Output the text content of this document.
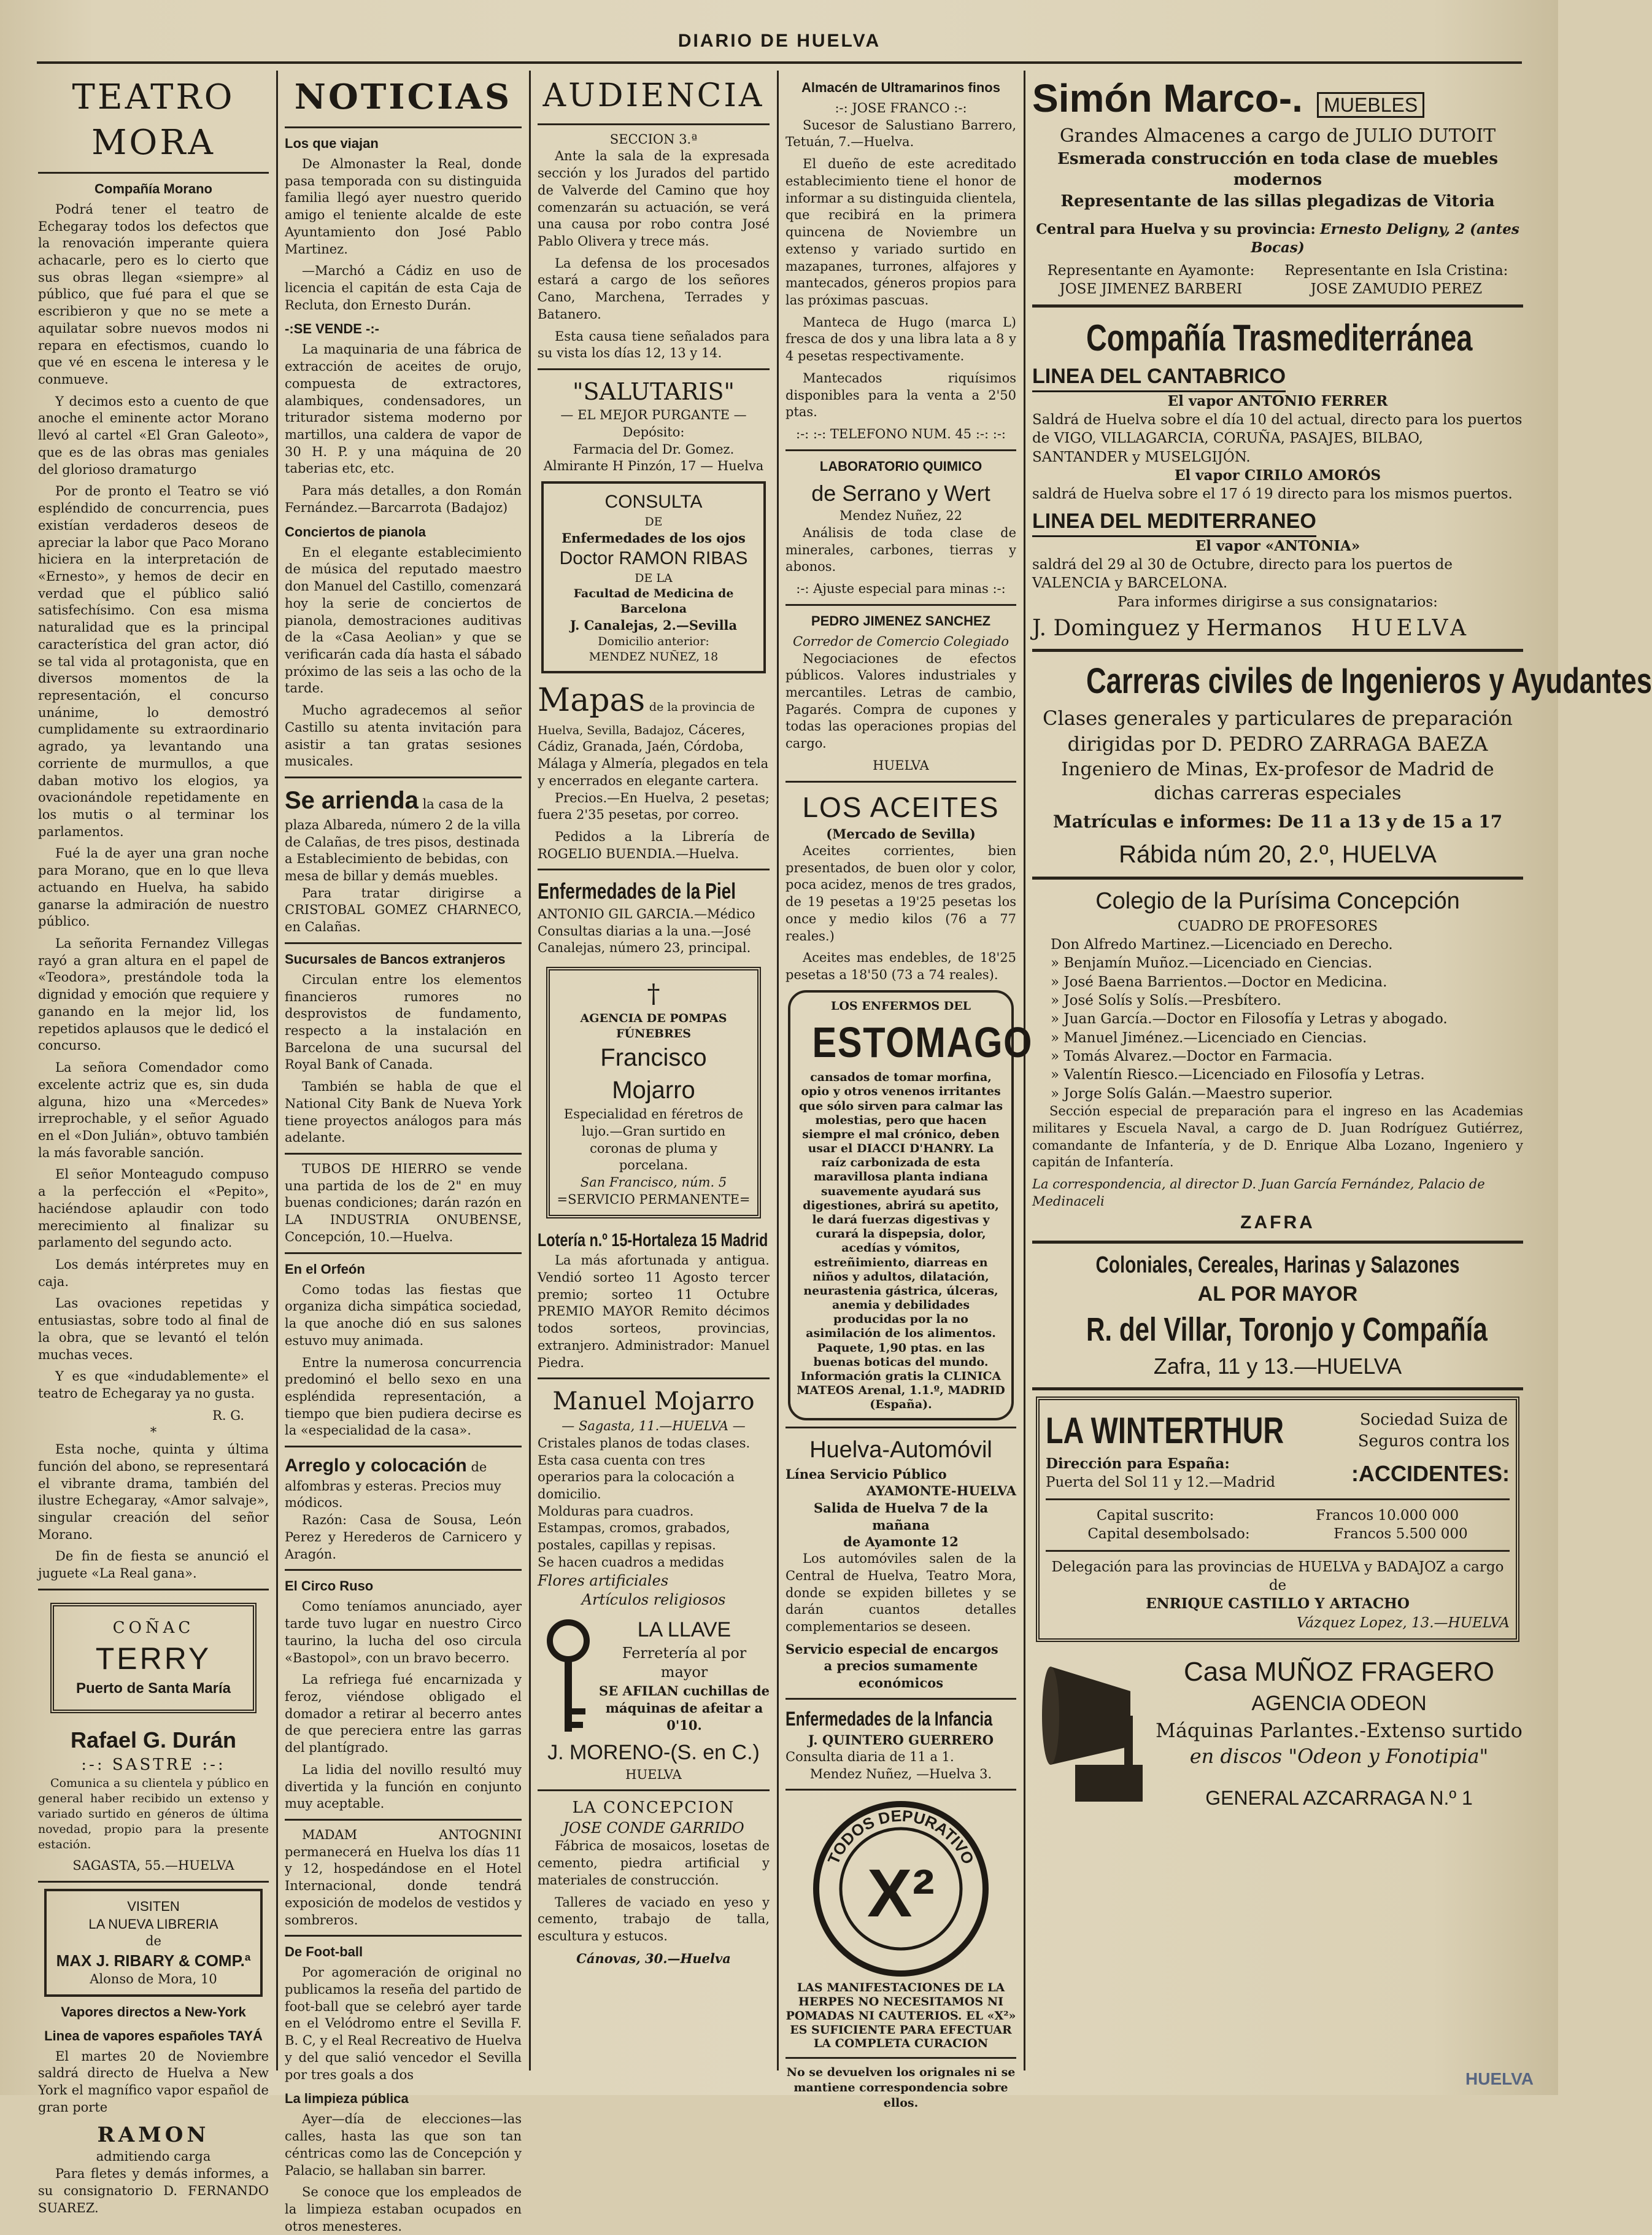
DIARIO DE HUELVA
TEATRO MORA
Compañía Morano

Podrá tener el teatro de Echegaray todos los defectos que la renovación imperante quiera achacarle, pero es lo cierto que sus obras llegan «siempre» al público, que fué para el que se escribieron y que no se mete a aquilatar sobre nuevos modos ni repara en efectismos, cuando lo que vé en escena le interesa y le conmueve.

Y decimos esto a cuento de que anoche el eminente actor Morano llevó al cartel «El Gran Galeoto», que es de las obras mas geniales del glorioso dramaturgo

Por de pronto el Teatro se vió espléndido de concurrencia, pues existían verdaderos deseos de apreciar la labor que Paco Morano hiciera en la interpretación de «Ernesto», y hemos de decir en verdad que el público salió satisfechísimo. Con esa misma naturalidad que es la principal característica del gran actor, dió se tal vida al protagonista, que en diversos momentos de la representación, el concurso unánime, lo demostró cumplidamente su extraordinario agrado, ya levantando una corriente de murmullos, a que daban motivo los elogios, ya ovacionándole repetidamente en los mutis o al terminar los parlamentos.

Fué la de ayer una gran noche para Morano, que en lo que lleva actuando en Huelva, ha sabido ganarse la admiración de nuestro público.

La señorita Fernandez Villegas rayó a gran altura en el papel de «Teodora», prestándole toda la dignidad y emoción que requiere y ganando en la mejor lid, los repetidos aplausos que le dedicó el concurso.

La señora Comendador como excelente actriz que es, sin duda alguna, hizo una «Mercedes» irreprochable, y el señor Aguado en el «Don Julián», obtuvo también la más favorable sanción.

El señor Monteagudo compuso a la perfección el «Pepito», haciéndose aplaudir con todo merecimiento al finalizar su parlamento del segundo acto.

Los demás intérpretes muy en caja.

Las ovaciones repetidas y entusiastas, sobre todo al final de la obra, que se levantó el telón muchas veces.

Y es que «indudablemente» el teatro de Echegaray ya no gusta.

R. G.
*

Esta noche, quinta y última función del abono, se representará el vibrante drama, también del ilustre Echegaray, «Amor salvaje», singular creación del señor Morano.

De fin de fiesta se anunció el juguete «La Real gana».

COÑAC
TERRY
Puerto de Santa María
Rafael G. Durán
:-: SASTRE :-:

Comunica a su clientela y público en general haber recibido un extenso y variado surtido en géneros de última novedad, propio para la presente estación.

SAGASTA, 55.—HUELVA
VISITEN
LA NUEVA LIBRERIA
de
MAX J. RIBARY & COMP.ª
Alonso de Mora, 10
Vapores directos a New-York
Linea de vapores españoles TAYÁ

El martes 20 de Noviembre saldrá directo de Huelva a New York el magnífico vapor español de gran porte

RAMON
admitiendo carga

Para fletes y demás informes, a su consignatorio D. FERNANDO SUAREZ.

NOTICIAS
Los que viajan

De Almonaster la Real, donde pasa temporada con su distinguida familia llegó ayer nuestro querido amigo el teniente alcalde de este Ayuntamiento don José Pablo Martinez.

—Marchó a Cádiz en uso de licencia el capitán de esta Caja de Recluta, don Ernesto Durán.

-:SE VENDE -:-

La maquinaria de una fábrica de extracción de aceites de orujo, compuesta de extractores, alambiques, condensadores, un triturador sistema moderno por martillos, una caldera de vapor de 30 H. P. y una máquina de 20 taberias etc, etc.

Para más detalles, a don Román Fernández.—Barcarrota (Badajoz)

Conciertos de pianola

En el elegante establecimiento de música del reputado maestro don Manuel del Castillo, comenzará hoy la serie de conciertos de pianola, demostraciones auditivas de la «Casa Aeolian» y que se verificarán cada día hasta el sábado próximo de las seis a las ocho de la tarde.

Mucho agradecemos al señor Castillo su atenta invitación para asistir a tan gratas sesiones musicales.

Se arrienda la casa de la plaza Albareda, número 2 de la villa de Calañas, de tres pisos, destinada a Establecimiento de bebidas, con mesa de billar y demás muebles.

Para tratar dirigirse a CRISTOBAL GOMEZ CHARNECO, en Calañas.

Sucursales de Bancos extranjeros

Circulan entre los elementos financieros rumores no desprovistos de fundamento, respecto a la instalación en Barcelona de una sucursal del Royal Bank of Canada.

También se habla de que el National City Bank de Nueva York tiene proyectos análogos para más adelante.

TUBOS DE HIERRO se vende una partida de los de 2" en muy buenas condiciones; darán razón en LA INDUSTRIA ONUBENSE, Concepción, 10.—Huelva.

En el Orfeón

Como todas las fiestas que organiza dicha simpática sociedad, la que anoche dió en sus salones estuvo muy animada.

Entre la numerosa concurrencia predominó el bello sexo en una espléndida representación, a tiempo que bien pudiera decirse es la «especialidad de la casa».

Arreglo y colocación de alfombras y esteras. Precios muy módicos.

Razón: Casa de Sousa, León Perez y Herederos de Carnicero y Aragón.

El Circo Ruso

Como teníamos anunciado, ayer tarde tuvo lugar en nuestro Circo taurino, la lucha del oso circula «Bastopol», con un bravo becerro.

La refriega fué encarnizada y feroz, viéndose obligado el domador a retirar al becerro antes de que pereciera entre las garras del plantígrado.

La lidia del novillo resultó muy divertida y la función en conjunto muy aceptable.

MADAM ANTOGNINI permanecerá en Huelva los días 11 y 12, hospedándose en el Hotel Internacional, donde tendrá exposición de modelos de vestidos y sombreros.

De Foot-ball

Por agomeración de original no publicamos la reseña del partido de foot-ball que se celebró ayer tarde en el Velódromo entre el Sevilla F. B. C, y el Real Recreativo de Huelva y del que salió vencedor el Sevilla por tres goals a dos

La limpieza pública

Ayer—día de elecciones—las calles, hasta las que son tan céntricas como las de Concepción y Palacio, se hallaban sin barrer.

Se conoce que los empleados de la limpieza estaban ocupados en otros menesteres.

AUDIENCIA
SECCION 3.ª

Ante la sala de la expresada sección y los Jurados del partido de Valverde del Camino que hoy comenzarán su actuación, se verá una causa por robo contra José Pablo Olivera y trece más.

La defensa de los procesados estará a cargo de los señores Cano, Marchena, Terrades y Batanero.

Esta causa tiene señalados para su vista los días 12, 13 y 14.

"SALUTARIS"
— EL MEJOR PURGANTE —
Depósito:
Farmacia del Dr. Gomez.
Almirante H Pinzón, 17 — Huelva
CONSULTA
DE
Enfermedades de los ojos
Doctor RAMON RIBAS
DE LA
Facultad de Medicina de Barcelona
J. Canalejas, 2.—Sevilla
Domicilio anterior:
MENDEZ NUÑEZ, 18
Mapas de la provincia de Huelva, Sevilla, Badajoz, Cáceres, Cádiz, Granada, Jaén, Córdoba, Málaga y Almería, plegados en tela y encerrados en elegante cartera.

Precios.—En Huelva, 2 pesetas; fuera 2'35 pesetas, por correo.

Pedidos a la Librería de ROGELIO BUENDIA.—Huelva.

Enfermedades de la Piel
ANTONIO GIL GARCIA.—Médico
Consultas diarias a la una.—José Canalejas, número 23, principal.
†
AGENCIA DE POMPAS FÚNEBRES
Francisco Mojarro
Especialidad en féretros de lujo.—Gran surtido en coronas de pluma y porcelana.
San Francisco, núm. 5
=SERVICIO PERMANENTE=
Lotería n.º 15-Hortaleza 15 Madrid

La más afortunada y antigua. Vendió sorteo 11 Agosto tercer premio; sorteo 11 Octubre PREMIO MAYOR Remito décimos todos sorteos, provincias, extranjero. Administrador: Manuel Piedra.

Manuel Mojarro
— Sagasta, 11.—HUELVA —
Cristales planos de todas clases.
Esta casa cuenta con tres operarios para la colocación a domicilio.
Molduras para cuadros.
Estampas, cromos, grabados, postales, capillas y repisas.
Se hacen cuadros a medidas
Flores artificiales
Artículos religiosos
LA LLAVE
Ferretería al por mayor
SE AFILAN cuchillas de máquinas de afeitar a 0'10.
J. MORENO-(S. en C.)
HUELVA
LA CONCEPCION
JOSE CONDE GARRIDO

Fábrica de mosaicos, losetas de cemento, piedra artificial y materiales de construcción.

Talleres de vaciado en yeso y cemento, trabajo de talla, escultura y estucos.

Cánovas, 30.—Huelva
Almacén de Ultramarinos finos
:-: JOSE FRANCO :-:

Sucesor de Salustiano Barrero, Tetuán, 7.—Huelva.

El dueño de este acreditado establecimiento tiene el honor de informar a su distinguida clientela, que recibirá en la primera quincena de Noviembre un extenso y variado surtido en mazapanes, turrones, alfajores y mantecados, géneros propios para las próximas pascuas.

Manteca de Hugo (marca L) fresca de dos y una libra lata a 8 y 4 pesetas respectivamente.

Mantecados riquísimos disponibles para la venta a 2'50 ptas.

:-: :-: TELEFONO NUM. 45 :-: :-:
LABORATORIO QUIMICO
de Serrano y Wert
Mendez Nuñez, 22

Análisis de toda clase de minerales, carbones, tierras y abonos.

:-: Ajuste especial para minas :-:
PEDRO JIMENEZ SANCHEZ
Corredor de Comercio Colegiado

Negociaciones de efectos públicos. Valores industriales y mercantiles. Letras de cambio, Pagarés. Compra de cupones y todas las operaciones propias del cargo.

HUELVA
LOS ACEITES
(Mercado de Sevilla)

Aceites corrientes, bien presentados, de buen olor y color, poca acidez, menos de tres grados, de 19 pesetas a 19'25 pesetas los once y medio kilos (76 a 77 reales.)

Aceites mas endebles, de 18'25 pesetas a 18'50 (73 a 74 reales).

LOS ENFERMOS DEL
ESTOMAGO
cansados de tomar morfina, opio y otros venenos irritantes que sólo sirven para calmar las molestias, pero que hacen siempre el mal crónico, deben usar el DIACCI D'HANRY. La raíz carbonizada de esta maravillosa planta indiana suavemente ayudará sus digestiones, abrirá su apetito, le dará fuerzas digestivas y curará la dispepsia, dolor, acedías y vómitos, estreñimiento, diarreas en niños y adultos, dilatación, neurastenia gástrica, úlceras, anemia y debilidades producidas por la no asimilación de los alimentos. Paquete, 1,90 ptas. en las buenas boticas del mundo. Información gratis la CLINICA MATEOS Arenal, 1.1.º, MADRID (España).
Huelva-Automóvil
Línea Servicio Público
AYAMONTE-HUELVA
Salida de Huelva 7 de la mañana
de Ayamonte 12

Los automóviles salen de la Central de Huelva, Teatro Mora, donde se expiden billetes y se darán cuantos detalles complementarios se deseen.

Servicio especial de encargos
a precios sumamente económicos
Enfermedades de la Infancia
J. QUINTERO GUERRERO
Consulta diaria de 11 a 1.
Mendez Nuñez, —Huelva 3.
TODOS DEPURATIVO
X²
LAS MANIFESTACIONES DE LA HERPES NO NECESITAMOS NI POMADAS NI CAUTERIOS. EL «X²» ES SUFICIENTE PARA EFECTUAR LA COMPLETA CURACION
No se devuelven los orignales ni se mantiene correspondencia sobre ellos.
Simón Marco-. MUEBLES
Grandes Almacenes a cargo de JULIO DUTOIT
Esmerada construcción en toda clase de muebles modernos
Representante de las sillas plegadizas de Vitoria
Central para Huelva y su provincia: Ernesto Deligny, 2 (antes Bocas)
Representante en Ayamonte:
JOSE JIMENEZ BARBERI
Representante en Isla Cristina:
JOSE ZAMUDIO PEREZ
Compañía Trasmediterránea
LINEA DEL CANTABRICO
El vapor ANTONIO FERRER
Saldrá de Huelva sobre el día 10 del actual, directo para los puertos de VIGO, VILLAGARCIA, CORUÑA, PASAJES, BILBAO, SANTANDER y MUSELGIJÓN.
El vapor CIRILO AMORÓS
saldrá de Huelva sobre el 17 ó 19 directo para los mismos puertos.
LINEA DEL MEDITERRANEO
El vapor «ANTONIA»
saldrá del 29 al 30 de Octubre, directo para los puertos de VALENCIA y BARCELONA.
Para informes dirigirse a sus consignatarios:
J. Dominguez y Hermanos HUELVA
Carreras civiles de Ingenieros y Ayudantes
Clases generales y particulares de preparación dirigidas por D. PEDRO ZARRAGA BAEZA
Ingeniero de Minas, Ex-profesor de Madrid de dichas carreras especiales
Matrículas e informes: De 11 a 13 y de 15 a 17
Rábida núm 20, 2.º, HUELVA
Colegio de la Purísima Concepción
CUADRO DE PROFESORES
Don Alfredo Martinez.—Licenciado en Derecho.
» Benjamín Muñoz.—Licenciado en Ciencias.
» José Baena Barrientos.—Doctor en Medicina.
» José Solís y Solís.—Presbítero.
» Juan García.—Doctor en Filosofía y Letras y abogado.
» Manuel Jiménez.—Licenciado en Ciencias.
» Tomás Alvarez.—Doctor en Farmacia.
» Valentín Riesco.—Licenciado en Filosofía y Letras.
» Jorge Solís Galán.—Maestro superior.

Sección especial de preparación para el ingreso en las Academias militares y Escuela Naval, a cargo de D. Juan Rodríguez Gutiérrez, comandante de Infantería, y de D. Enrique Alba Lozano, Ingeniero y capitán de Infantería.

La correspondencia, al director D. Juan García Fernández, Palacio de Medinaceli
ZAFRA
Coloniales, Cereales, Harinas y Salazones
AL POR MAYOR
R. del Villar, Toronjo y Compañía
Zafra, 11 y 13.—HUELVA
LA WINTERTHUR	Sociedad Suiza de
Seguros contra los
Dirección para España:
Puerta del Sol 11 y 12.—Madrid	:ACCIDENTES:
Capital suscrito:	Francos 10.000 000
Capital desembolsado:	Francos 5.500 000
Delegación para las provincias de HUELVA y BADAJOZ a cargo de
ENRIQUE CASTILLO Y ARTACHO
Vázquez Lopez, 13.—HUELVA
Casa MUÑOZ FRAGERO
AGENCIA ODEON
Máquinas Parlantes.-Extenso surtido
en discos "Odeon y Fonotipia"
GENERAL AZCARRAGA N.º 1
HUELVA
